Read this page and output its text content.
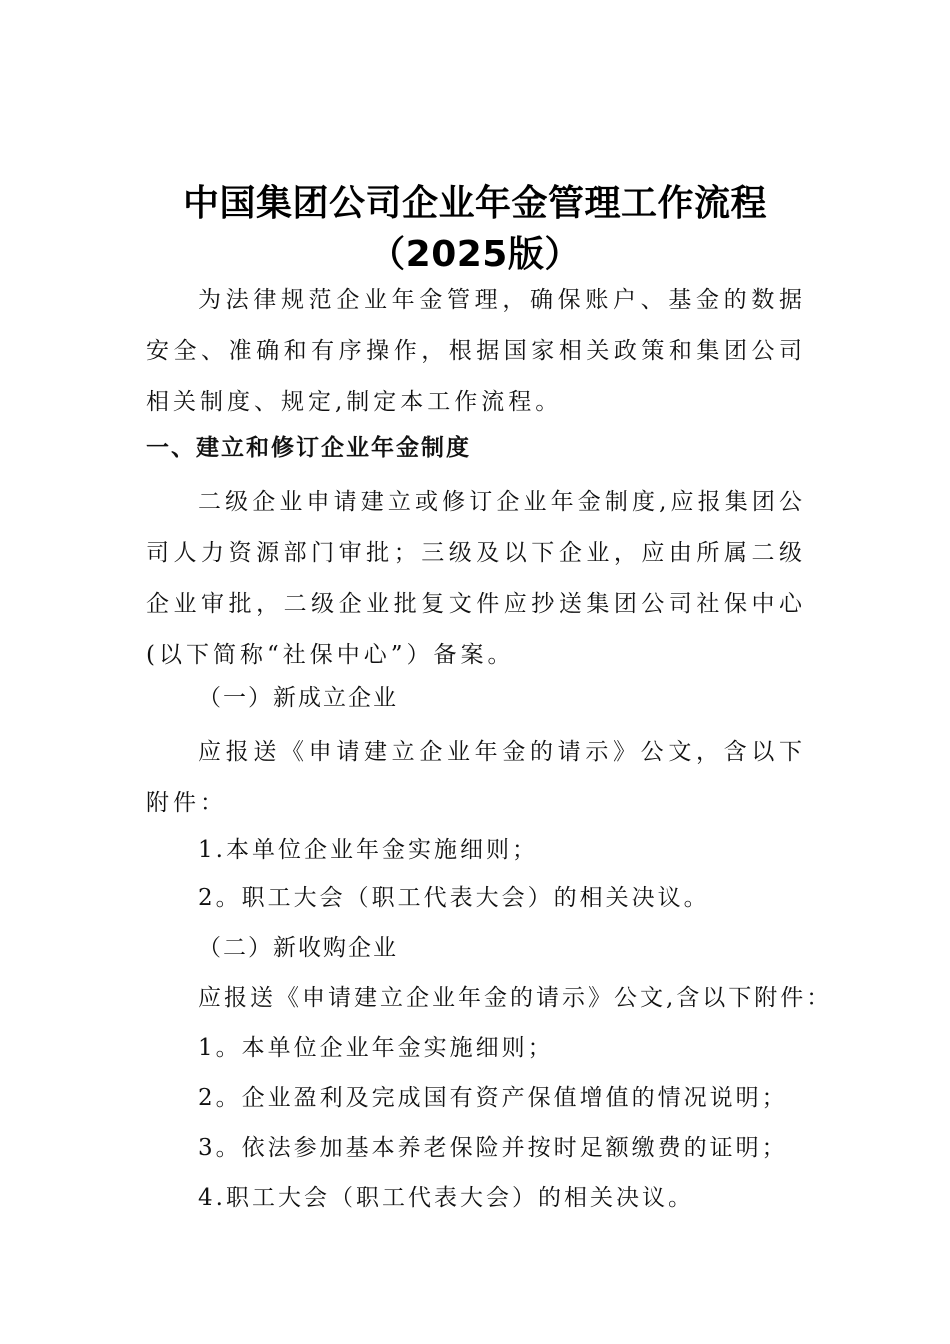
中国集团公司企业年金管理工作流程
（2025版）

为法律规范企业年金管理，确保账户、基金的数据安全、准确和有序操作，根据国家相关政策和集团公司相关制度、规定,制定本工作流程。

一、建立和修订企业年金制度

二级企业申请建立或修订企业年金制度,应报集团公司人力资源部门审批；三级及以下企业，应由所属二级企业审批，二级企业批复文件应抄送集团公司社保中心(以下简称“社保中心”）备案。

（一）新成立企业

应报送《申请建立企业年金的请示》公文，含以下附件：

1.本单位企业年金实施细则；
2。职工大会（职工代表大会）的相关决议。
（二）新收购企业
应报送《申请建立企业年金的请示》公文,含以下附件：
1。本单位企业年金实施细则；
2。企业盈利及完成国有资产保值增值的情况说明；
3。依法参加基本养老保险并按时足额缴费的证明；
4.职工大会（职工代表大会）的相关决议。
